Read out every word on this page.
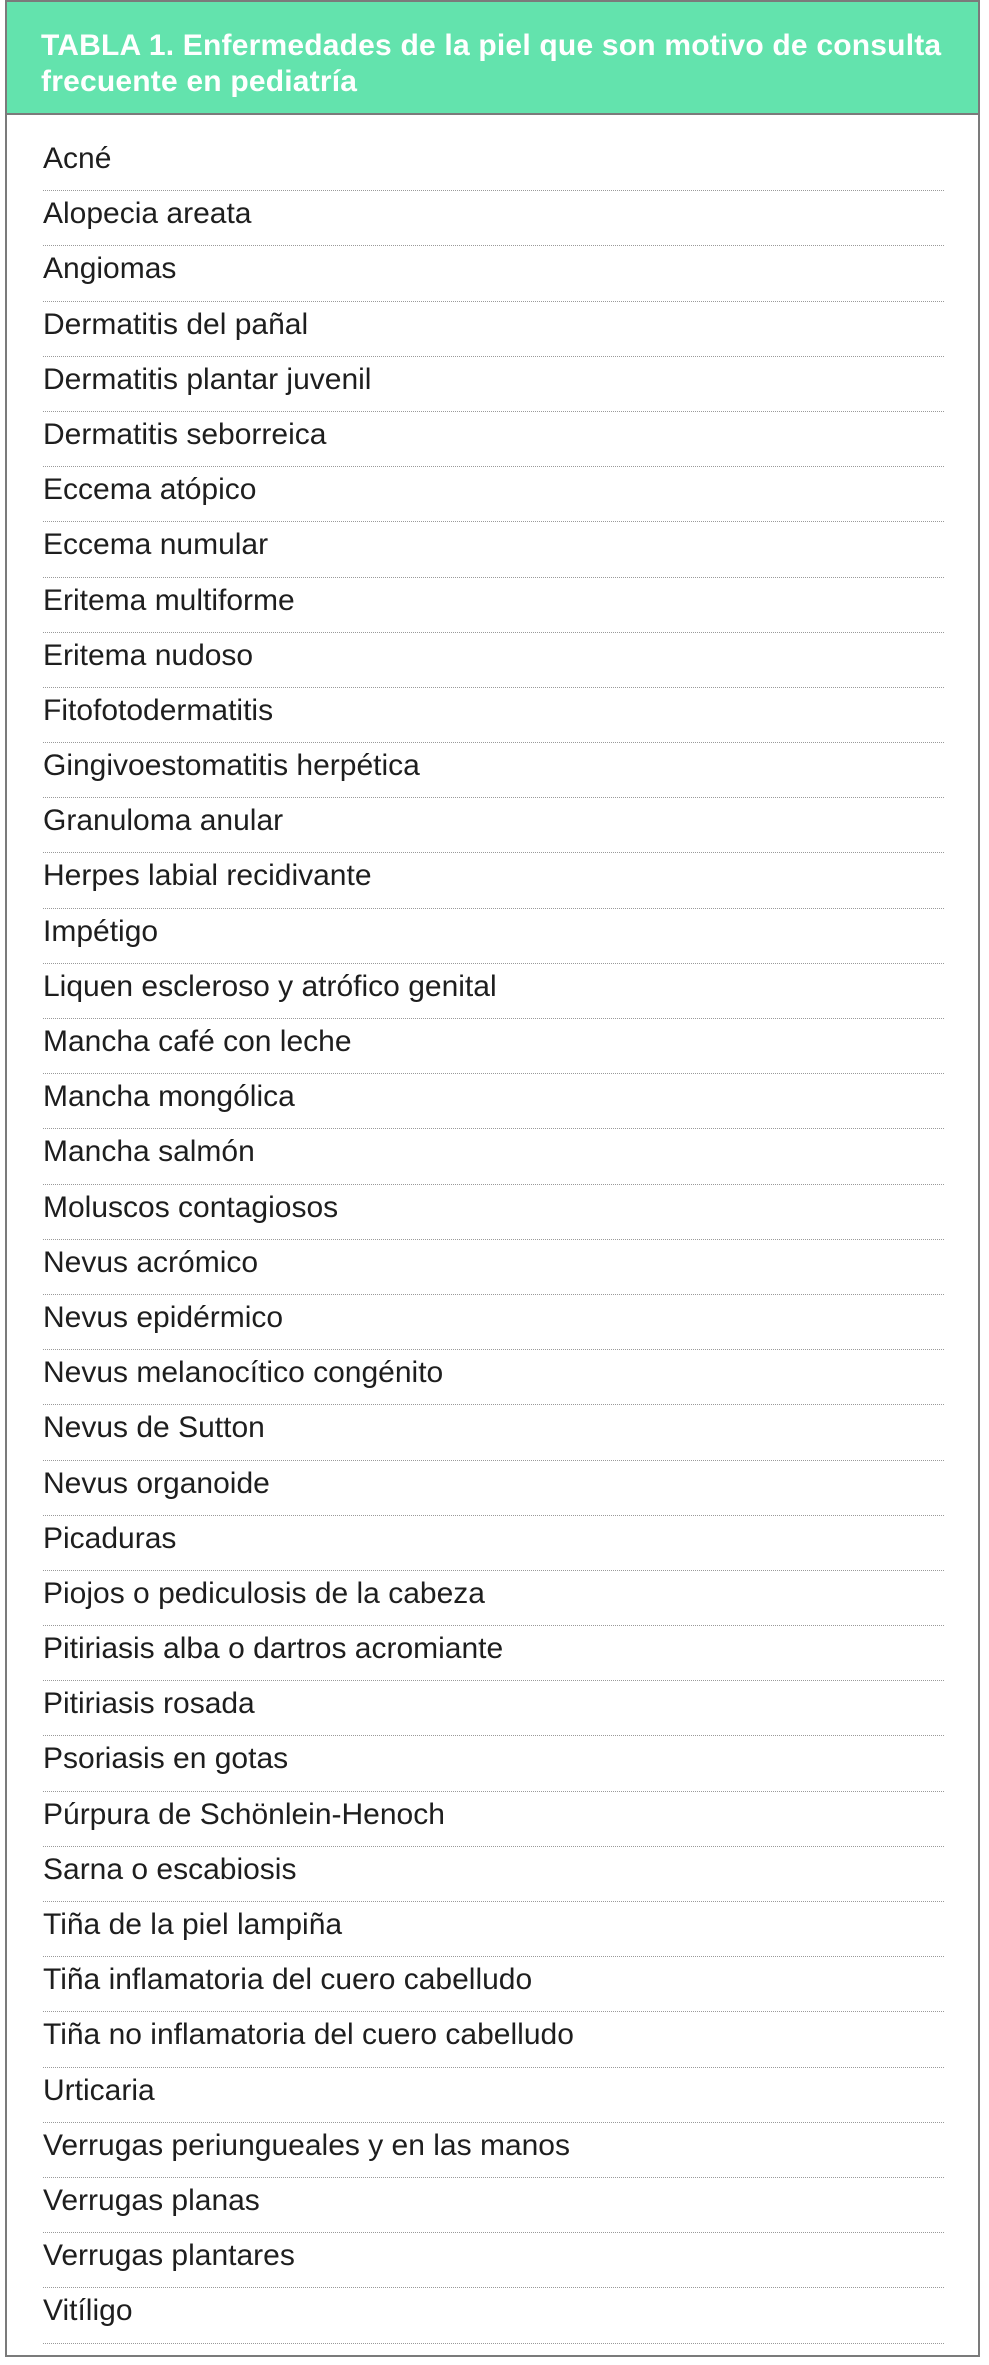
TABLA 1. Enfermedades de la piel que son motivo de consulta frecuente en pediatría
Acné
Alopecia areata
Angiomas
Dermatitis del pañal
Dermatitis plantar juvenil
Dermatitis seborreica
Eccema atópico
Eccema numular
Eritema multiforme
Eritema nudoso
Fitofotodermatitis
Gingivoestomatitis herpética
Granuloma anular
Herpes labial recidivante
Impétigo
Liquen escleroso y atrófico genital
Mancha café con leche
Mancha mongólica
Mancha salmón
Moluscos contagiosos
Nevus acrómico
Nevus epidérmico
Nevus melanocítico congénito
Nevus de Sutton
Nevus organoide
Picaduras
Piojos o pediculosis de la cabeza
Pitiriasis alba o dartros acromiante
Pitiriasis rosada
Psoriasis en gotas
Púrpura de Schönlein-Henoch
Sarna o escabiosis
Tiña de la piel lampiña
Tiña inflamatoria del cuero cabelludo
Tiña no inflamatoria del cuero cabelludo
Urticaria
Verrugas periungueales y en las manos
Verrugas planas
Verrugas plantares
Vitíligo
